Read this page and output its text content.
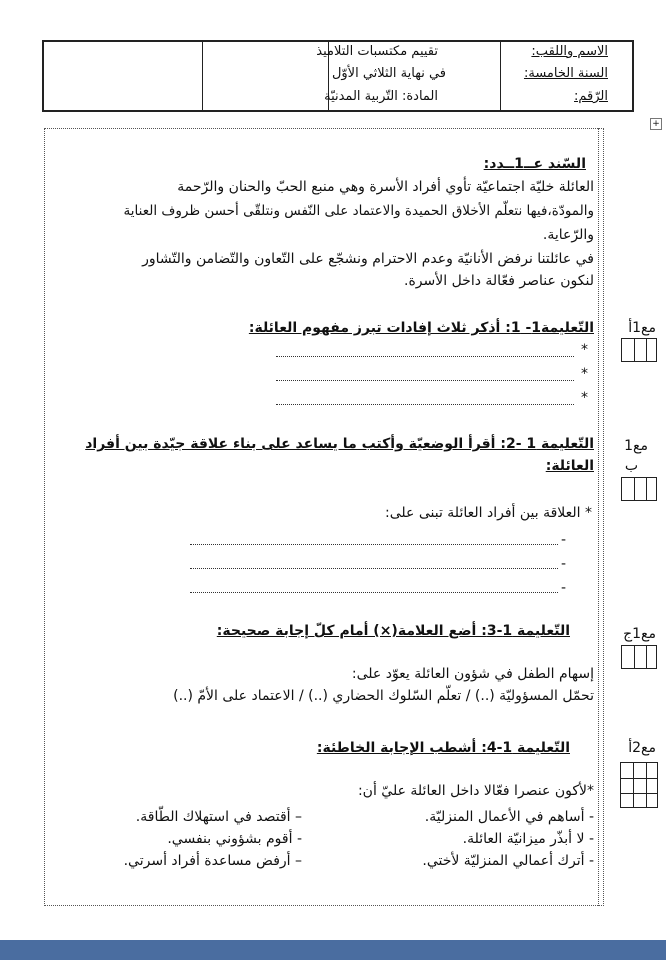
الاسم واللقب:
السنة الخامسة:
الرّقم:
تقييم مكتسبات التلاميذ
في نهاية الثلاثي الأوّل
المادة: التّربية المدنيّة
+
السّند عــ1ــدد:
العائلة خليّة اجتماعيّة تأوي أفراد الأسرة وهي منبع الحبّ والحنان والرّحمة
والمودّة،فيها نتعلّم الأخلاق الحميدة والاعتماد على النّفس ونتلقّى أحسن ظروف العناية
والرّعاية.
في عائلتنا نرفض الأنانيّة وعدم الاحترام ونشجّع على التّعاون والتّضامن والتّشاور
لنكون عناصر فعّالة داخل الأسرة.
التّعليمة1- 1: أذكر ثلاث إفادات تبرز مفهوم العائلة:
*
*
*
مع1أ
التّعليمة 1 -2: أقرأ الوضعيّة وأكتب ما يساعد على بناء علاقة جيّدة بين أفراد
العائلة:
* العلاقة بين أفراد العائلة تبنى على:
-
-
-
مع1
ب
التّعليمة 1-3: أضع العلامة(×) أمام كلّ إجابة صحيحة:
إسهام الطفل في شؤون العائلة يعوّد على:
تحمّل المسؤوليّة (..) / تعلّم السّلوك الحضاري (..) / الاعتماد على الأمّ (..)
مع1ج
التّعليمة 1-4: أشطب الإجابة الخاطئة:
*لأكون عنصرا فعّالا داخل العائلة عليّ أن:
- أساهم في الأعمال المنزليّة.
- لا أبذّر ميزانيّة العائلة.
- أترك أعمالي المنزليّة لأختي.
– أقتصد في استهلاك الطّاقة.
- أقوم بشؤوني بنفسي.
– أرفض مساعدة أفراد أسرتي.
مع2أ
